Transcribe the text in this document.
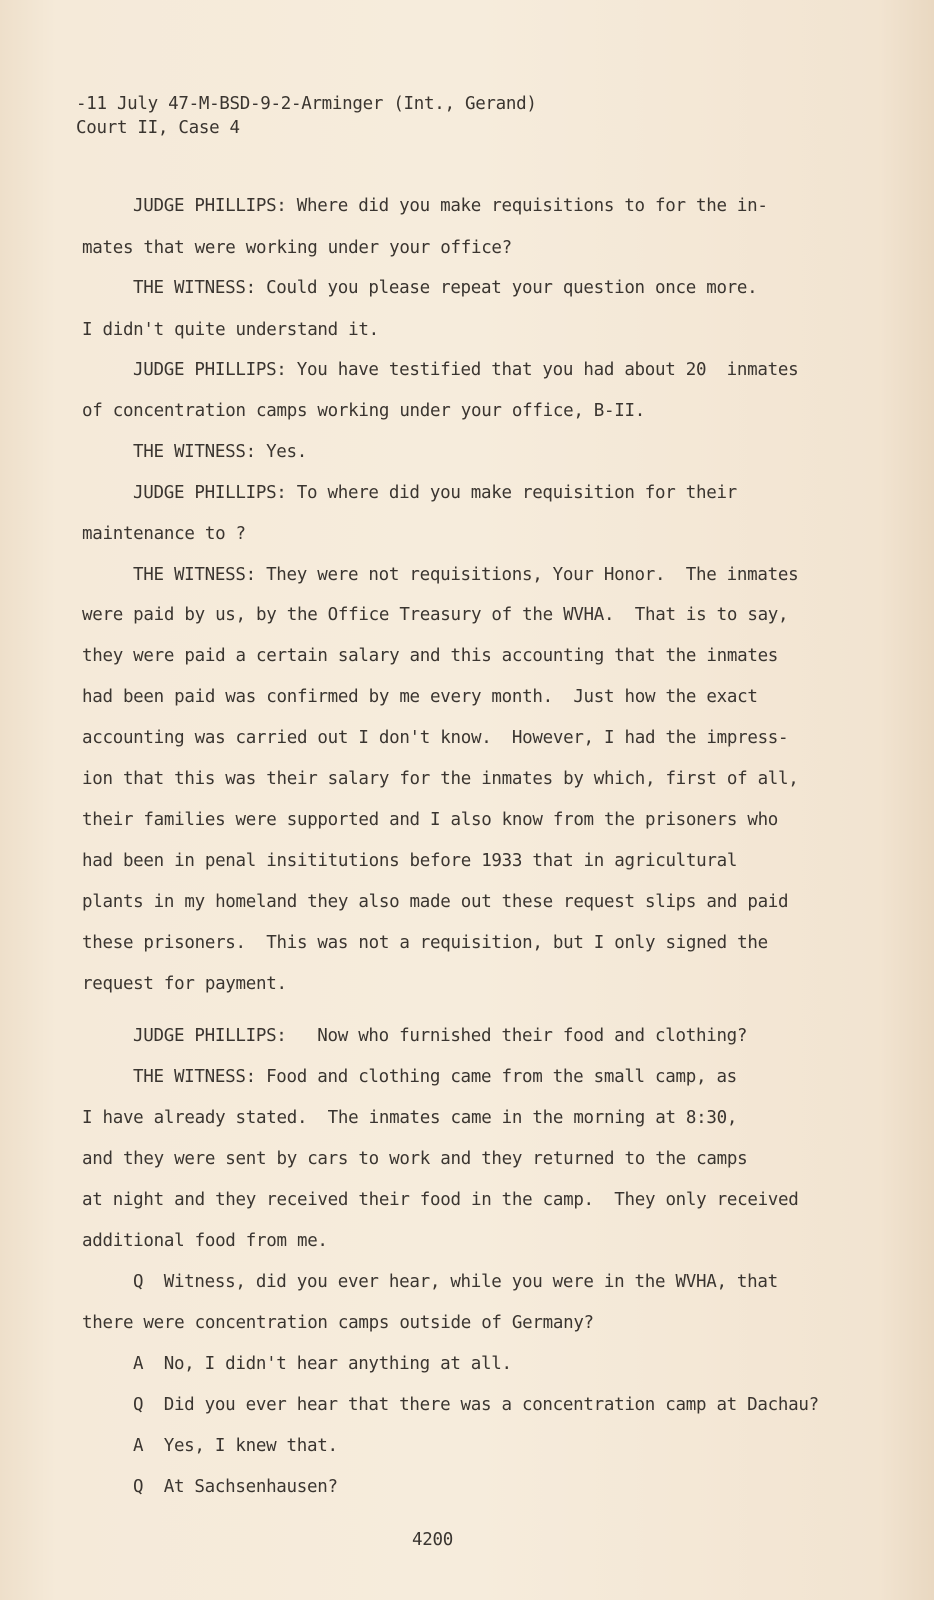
-11 July 47-M-BSD-9-2-Arminger (Int., Gerand)
Court II, Case 4
JUDGE PHILLIPS: Where did you make requisitions to for the in-
mates that were working under your office?
THE WITNESS: Could you please repeat your question once more.
I didn't quite understand it.
JUDGE PHILLIPS: You have testified that you had about 20  inmates
of concentration camps working under your office, B-II.
THE WITNESS: Yes.
JUDGE PHILLIPS: To where did you make requisition for their
maintenance to ?
THE WITNESS: They were not requisitions, Your Honor.  The inmates
were paid by us, by the Office Treasury of the WVHA.  That is to say,
they were paid a certain salary and this accounting that the inmates
had been paid was confirmed by me every month.  Just how the exact
accounting was carried out I don't know.  However, I had the impress-
ion that this was their salary for the inmates by which, first of all,
their families were supported and I also know from the prisoners who
had been in penal insititutions before 1933 that in agricultural
plants in my homeland they also made out these request slips and paid
these prisoners.  This was not a requisition, but I only signed the
request for payment.
JUDGE PHILLIPS:   Now who furnished their food and clothing?
THE WITNESS: Food and clothing came from the small camp, as
I have already stated.  The inmates came in the morning at 8:30,
and they were sent by cars to work and they returned to the camps
at night and they received their food in the camp.  They only received
additional food from me.
Q  Witness, did you ever hear, while you were in the WVHA, that
there were concentration camps outside of Germany?
A  No, I didn't hear anything at all.
Q  Did you ever hear that there was a concentration camp at Dachau?
A  Yes, I knew that.
Q  At Sachsenhausen?
4200
